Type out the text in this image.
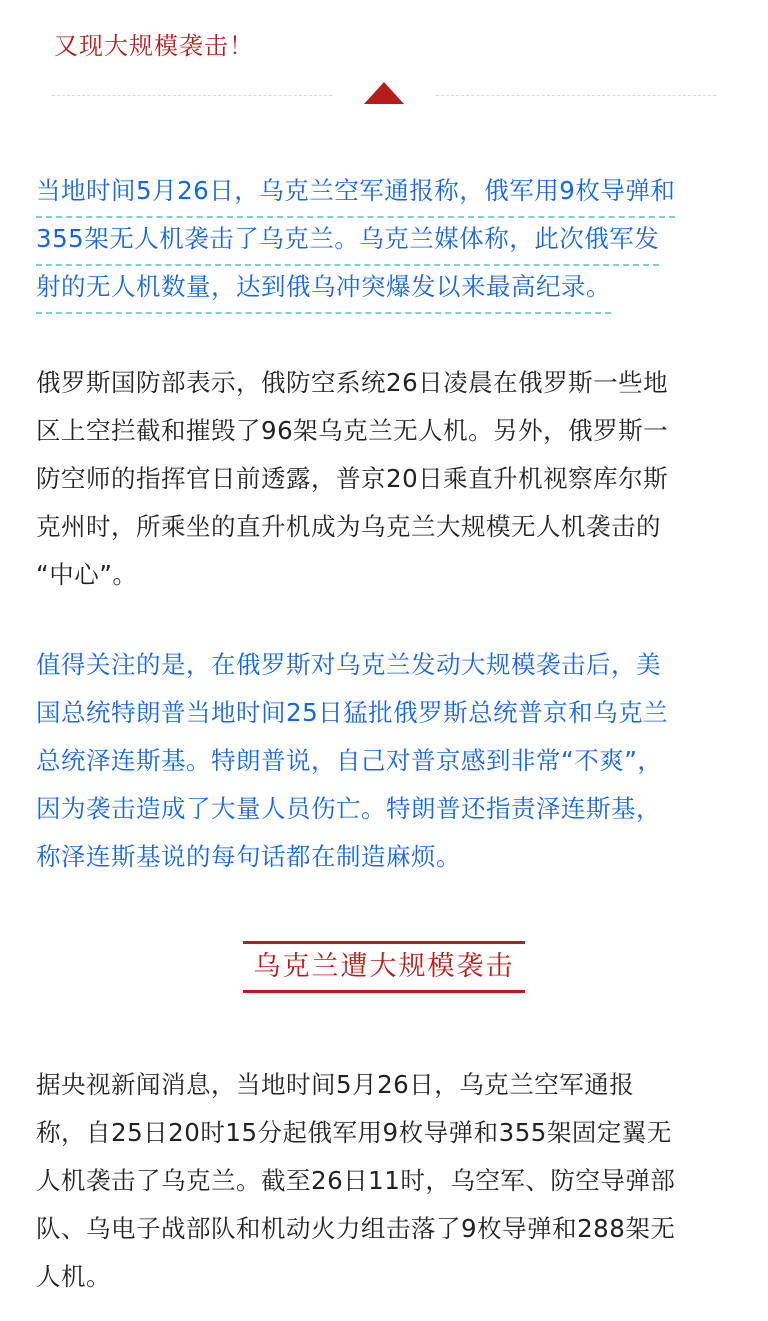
又现大规模袭击！
当地时间5月26日，乌克兰空军通报称，俄军用9枚导弹和
355架无人机袭击了乌克兰。乌克兰媒体称，此次俄军发
射的无人机数量，达到俄乌冲突爆发以来最高纪录。
俄罗斯国防部表示，俄防空系统26日凌晨在俄罗斯一些地
区上空拦截和摧毁了96架乌克兰无人机。另外，俄罗斯一
防空师的指挥官日前透露，普京20日乘直升机视察库尔斯
克州时，所乘坐的直升机成为乌克兰大规模无人机袭击的
“中心”。
值得关注的是，在俄罗斯对乌克兰发动大规模袭击后，美
国总统特朗普当地时间25日猛批俄罗斯总统普京和乌克兰
总统泽连斯基。特朗普说，自己对普京感到非常“不爽”，
因为袭击造成了大量人员伤亡。特朗普还指责泽连斯基，
称泽连斯基说的每句话都在制造麻烦。
乌克兰遭大规模袭击
据央视新闻消息，当地时间5月26日，乌克兰空军通报
称，自25日20时15分起俄军用9枚导弹和355架固定翼无
人机袭击了乌克兰。截至26日11时，乌空军、防空导弹部
队、乌电子战部队和机动火力组击落了9枚导弹和288架无
人机。
